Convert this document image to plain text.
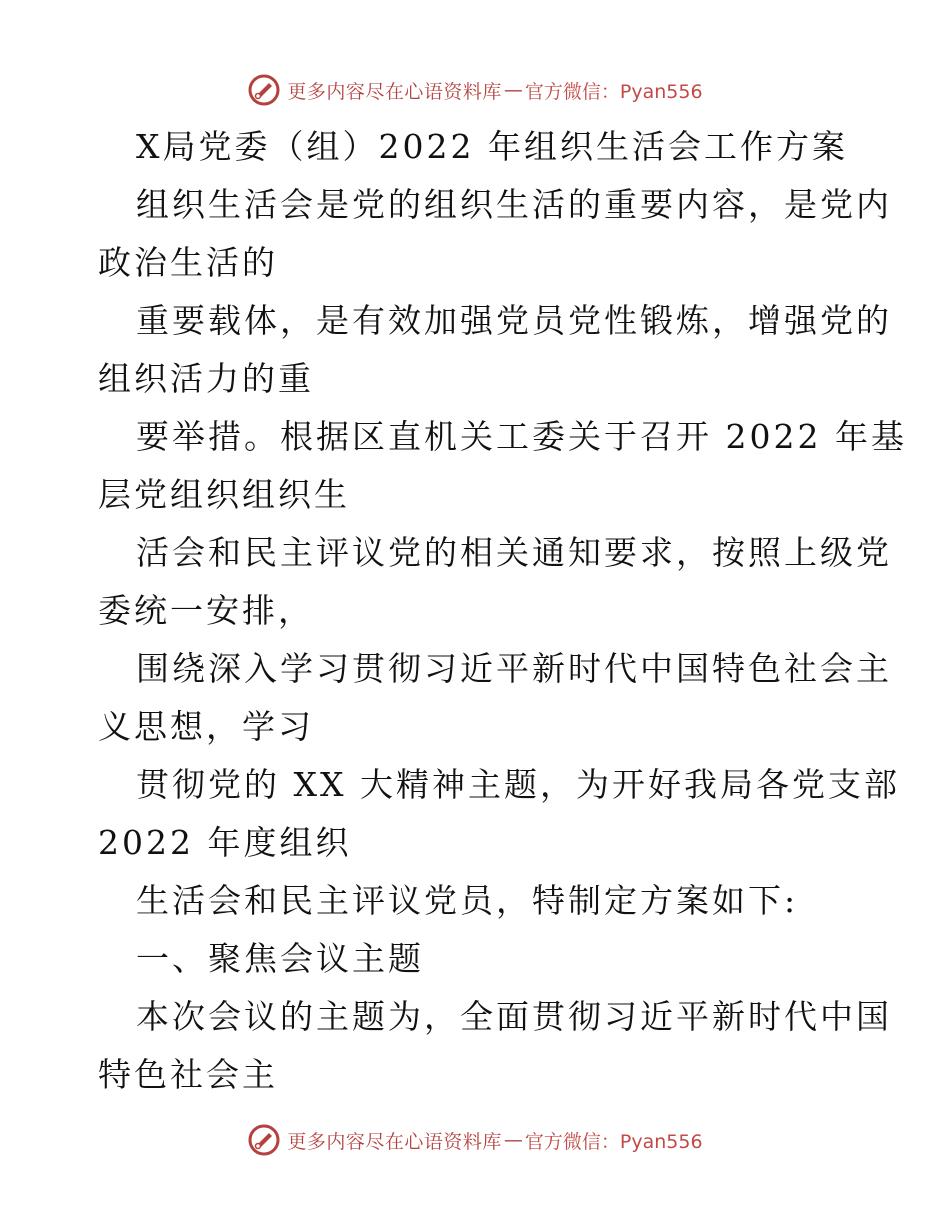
更多内容尽在心语资料库 — 官方微信：Pyan556
X局党委（组）2022 年组织生活会工作方案
组织生活会是党的组织生活的重要内容，是党内
政治生活的
重要载体，是有效加强党员党性锻炼，增强党的
组织活力的重
要举措。根据区直机关工委关于召开 2022 年基
层党组织组织生
活会和民主评议党的相关通知要求，按照上级党
委统一安排，
围绕深入学习贯彻习近平新时代中国特色社会主
义思想，学习
贯彻党的 XX 大精神主题，为开好我局各党支部
2022 年度组织
生活会和民主评议党员，特制定方案如下:
一、聚焦会议主题
本次会议的主题为，全面贯彻习近平新时代中国
特色社会主
更多内容尽在心语资料库 — 官方微信：Pyan556
